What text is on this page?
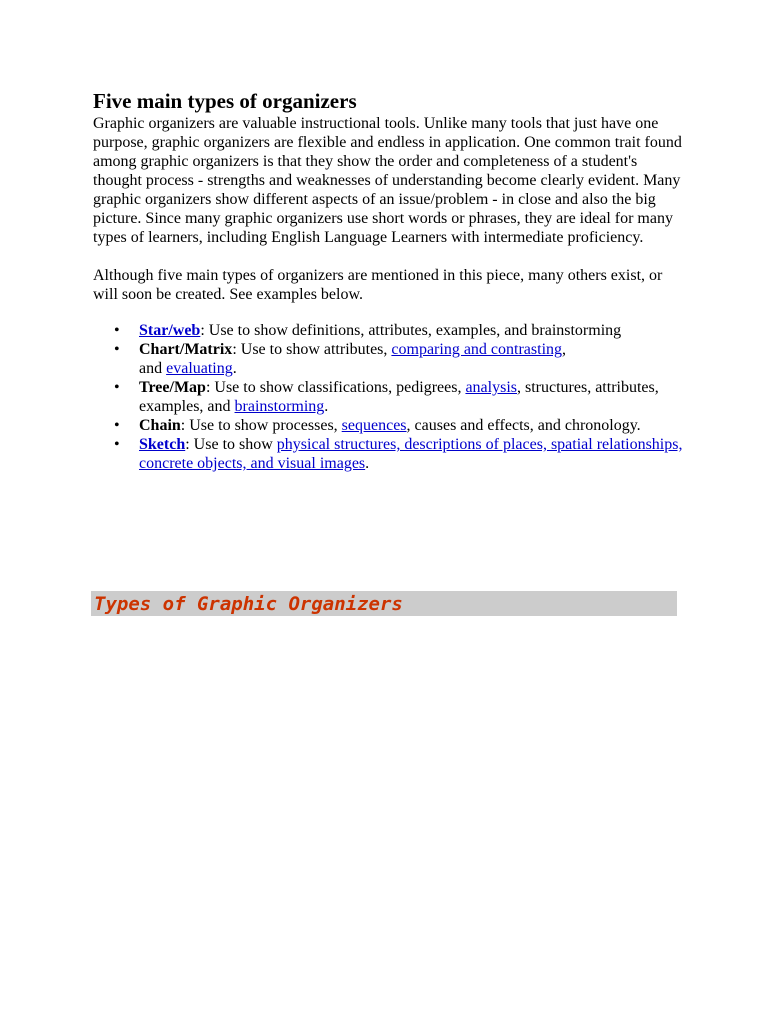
Five main types of organizers

Graphic organizers are valuable instructional tools. Unlike many tools that just have one purpose, graphic organizers are flexible and endless in application. One common trait found among graphic organizers is that they show the order and completeness of a student's thought process - strengths and weaknesses of understanding become clearly evident. Many graphic organizers show different aspects of an issue/problem - in close and also the big picture. Since many graphic organizers use short words or phrases, they are ideal for many types of learners, including English Language Learners with intermediate proficiency.

Although five main types of organizers are mentioned in this piece, many others exist, or will soon be created. See examples below.

• Star/web: Use to show definitions, attributes, examples, and brainstorming
• Chart/Matrix: Use to show attributes, comparing and contrasting,
and evaluating.
• Tree/Map: Use to show classifications, pedigrees, analysis, structures, attributes, examples, and brainstorming.
• Chain: Use to show processes, sequences, causes and effects, and chronology.
• Sketch: Use to show physical structures, descriptions of places, spatial relationships, concrete objects, and visual images.
Types of Graphic Organizers
